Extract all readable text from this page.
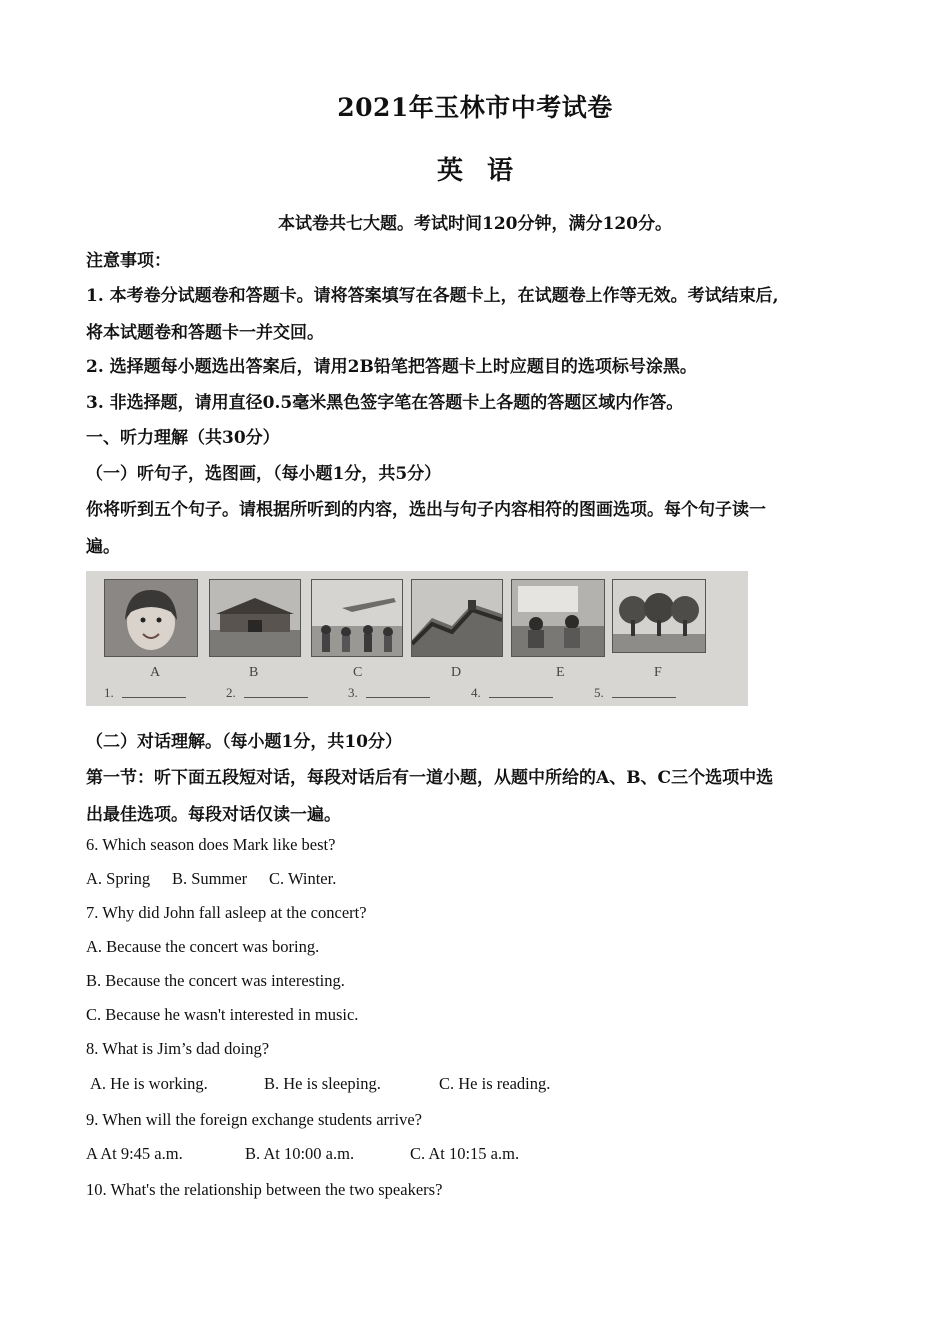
2021年玉林市中考试卷
英语
本试卷共七大题。考试时间120分钟，满分120分。
注意事项：
1. 本考卷分试题卷和答题卡。请将答案填写在各题卡上，在试题卷上作等无效。考试结束后,
将本试题卷和答题卡一并交回。
2. 选择题每小题选出答案后，请用2B铅笔把答题卡上时应题目的选项标号涂黑。
3. 非选择题，请用直径0.5毫米黑色签字笔在答题卡上各题的答题区域内作答。
一、听力理解（共30分）
（一）听句子，选图画，（每小题1分，共5分）
你将听到五个句子。请根据所听到的内容，选出与句子内容相符的图画选项。每个句子读一
遍。
A	B	C	D	E	F
1.	2.	3.	4.	5.
（二）对话理解。（每小题1分，共10分）
第一节：听下面五段短对话，每段对话后有一道小题，从题中所给的A、B、C三个选项中选
出最佳选项。每段对话仅读一遍。
6. Which season does Mark like best?
A. Spring B. Summer C. Winter.
7. Why did John fall asleep at the concert?
A. Because the concert was boring.
B. Because the concert was interesting.
C. Because he wasn't interested in music.
8. What is Jim’s dad doing?
A. He is working.	B. He is sleeping.	C. He is reading.
9. When will the foreign exchange students arrive?
A At 9:45 a.m.	B. At 10:00 a.m.	C. At 10:15 a.m.
10. What's the relationship between the two speakers?
